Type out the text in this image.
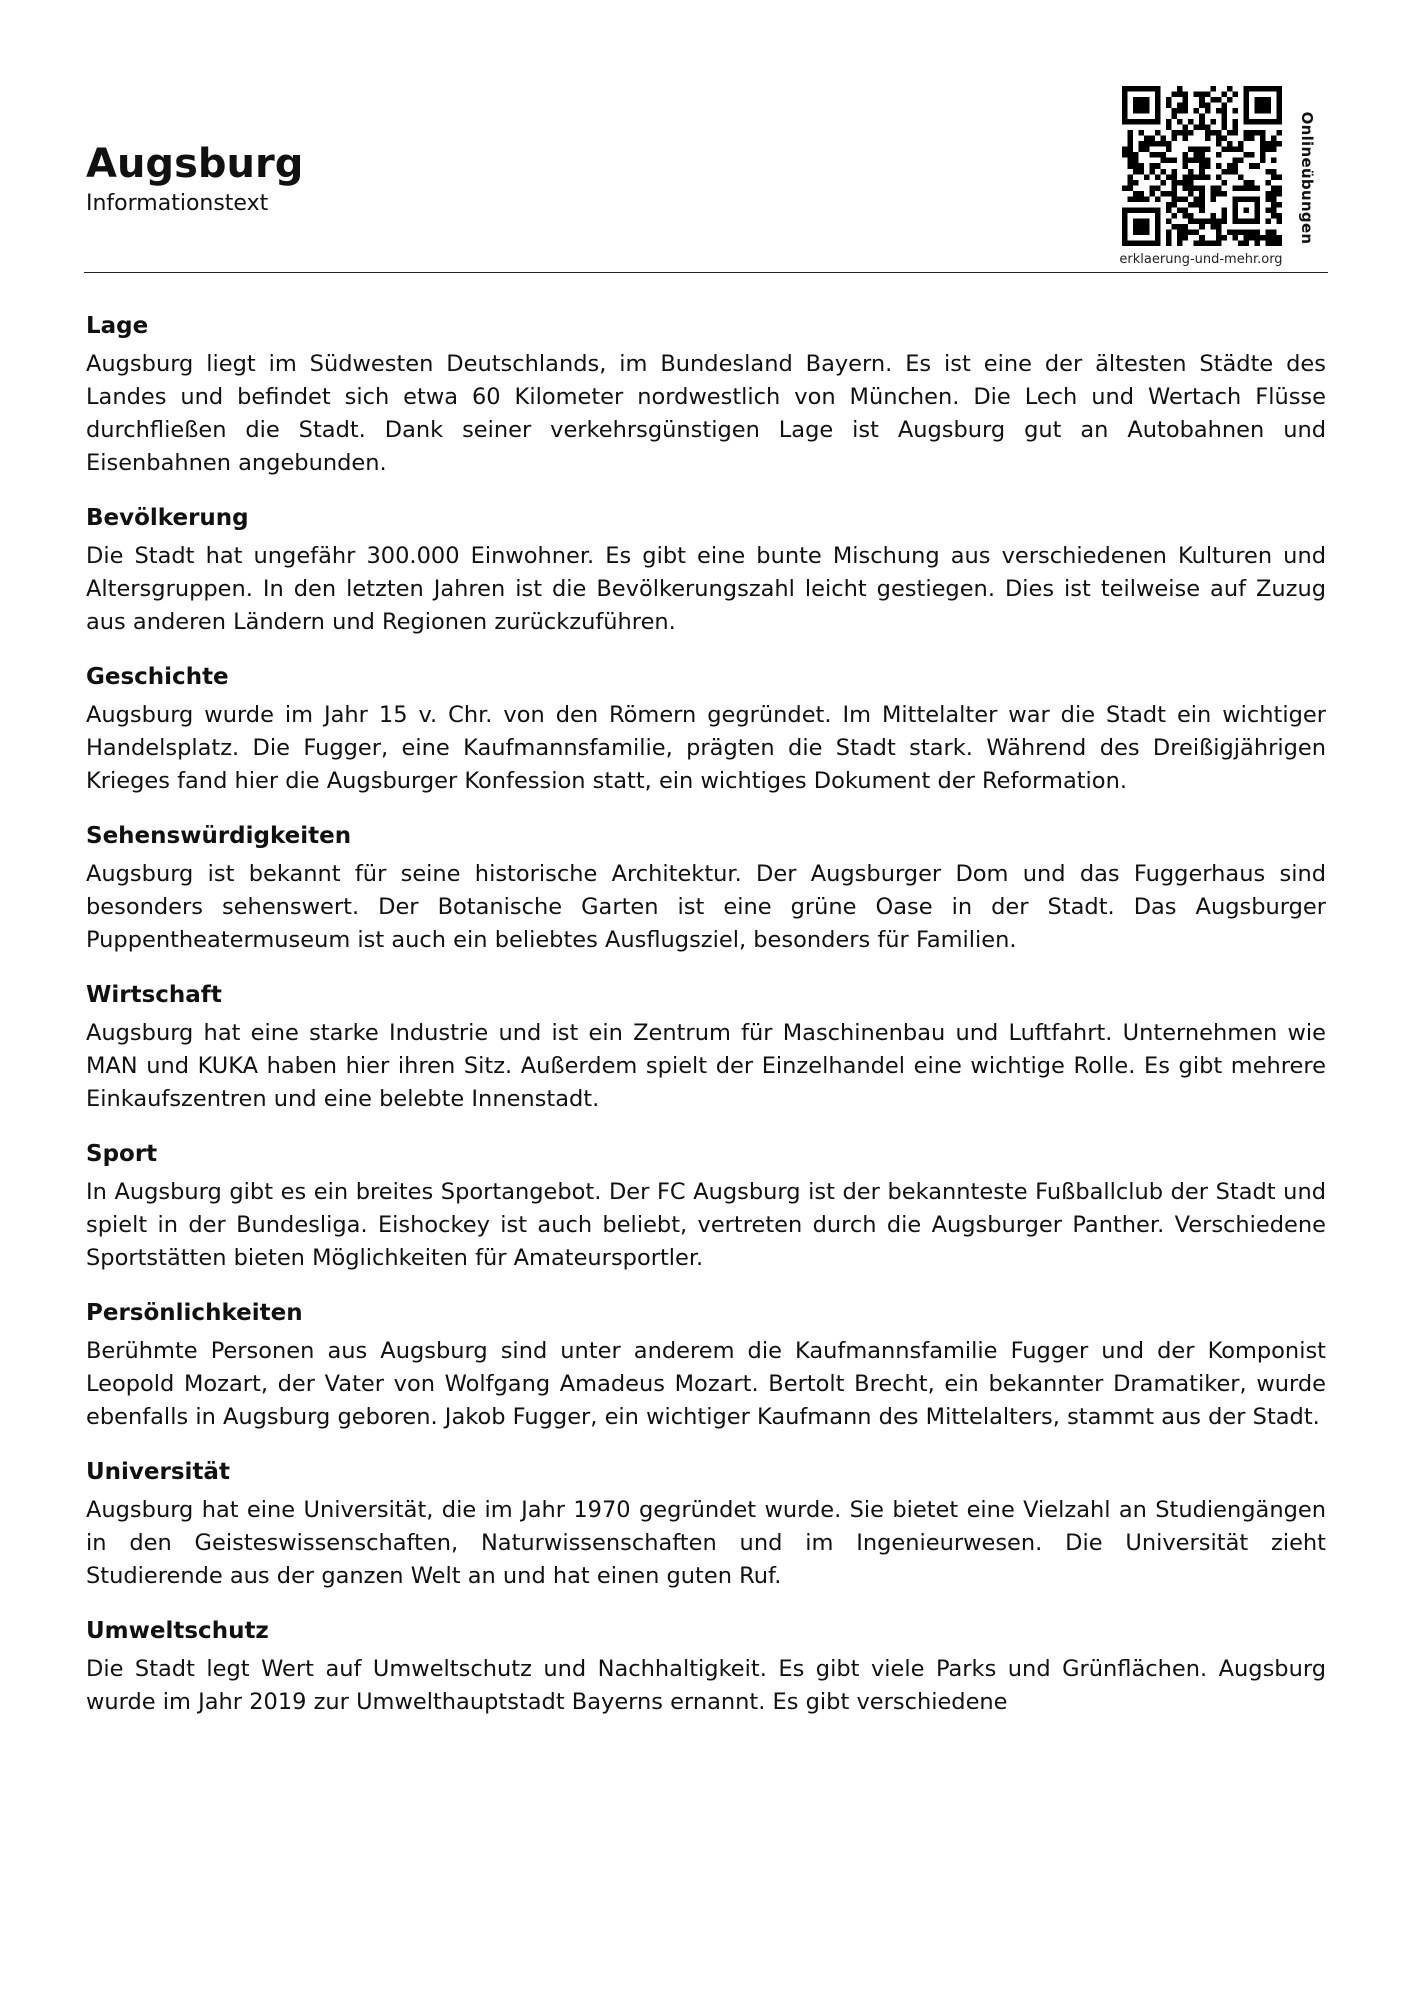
Augsburg
Informationstext	Onlineübungen
erklaerung-und-mehr.org
Lage

Augsburg liegt im Südwesten Deutschlands, im Bundesland Bayern. Es ist eine der ältesten Städte des Landes und befindet sich etwa 60 Kilometer nordwestlich von München. Die Lech und Wertach Flüsse durchfließen die Stadt. Dank seiner verkehrsgünstigen Lage ist Augsburg gut an Autobahnen und Eisenbahnen angebunden.

Bevölkerung

Die Stadt hat ungefähr 300.000 Einwohner. Es gibt eine bunte Mischung aus verschiedenen Kulturen und Altersgruppen. In den letzten Jahren ist die Bevölkerungszahl leicht gestiegen. Dies ist teilweise auf Zuzug aus anderen Ländern und Regionen zurückzuführen.

Geschichte

Augsburg wurde im Jahr 15 v. Chr. von den Römern gegründet. Im Mittelalter war die Stadt ein wichtiger Handelsplatz. Die Fugger, eine Kaufmannsfamilie, prägten die Stadt stark. Während des Dreißigjährigen Krieges fand hier die Augsburger Konfession statt, ein wichtiges Dokument der Reformation.

Sehenswürdigkeiten

Augsburg ist bekannt für seine historische Architektur. Der Augsburger Dom und das Fuggerhaus sind besonders sehenswert. Der Botanische Garten ist eine grüne Oase in der Stadt. Das Augsburger Puppentheatermuseum ist auch ein beliebtes Ausflugsziel, besonders für Familien.

Wirtschaft

Augsburg hat eine starke Industrie und ist ein Zentrum für Maschinenbau und Luftfahrt. Unternehmen wie MAN und KUKA haben hier ihren Sitz. Außerdem spielt der Einzelhandel eine wichtige Rolle. Es gibt mehrere Einkaufszentren und eine belebte Innenstadt.

Sport

In Augsburg gibt es ein breites Sportangebot. Der FC Augsburg ist der bekannteste Fußballclub der Stadt und spielt in der Bundesliga. Eishockey ist auch beliebt, vertreten durch die Augsburger Panther. Verschiedene Sportstätten bieten Möglichkeiten für Amateursportler.

Persönlichkeiten

Berühmte Personen aus Augsburg sind unter anderem die Kaufmannsfamilie Fugger und der Komponist Leopold Mozart, der Vater von Wolfgang Amadeus Mozart. Bertolt Brecht, ein bekannter Dramatiker, wurde ebenfalls in Augsburg geboren. Jakob Fugger, ein wichtiger Kaufmann des Mittelalters, stammt aus der Stadt.

Universität

Augsburg hat eine Universität, die im Jahr 1970 gegründet wurde. Sie bietet eine Vielzahl an Studiengängen in den Geisteswissenschaften, Naturwissenschaften und im Ingenieurwesen. Die Universität zieht Studierende aus der ganzen Welt an und hat einen guten Ruf.

Umweltschutz

Die Stadt legt Wert auf Umweltschutz und Nachhaltigkeit. Es gibt viele Parks und Grünflächen. Augsburg wurde im Jahr 2019 zur Umwelthauptstadt Bayerns ernannt. Es gibt verschiedene
